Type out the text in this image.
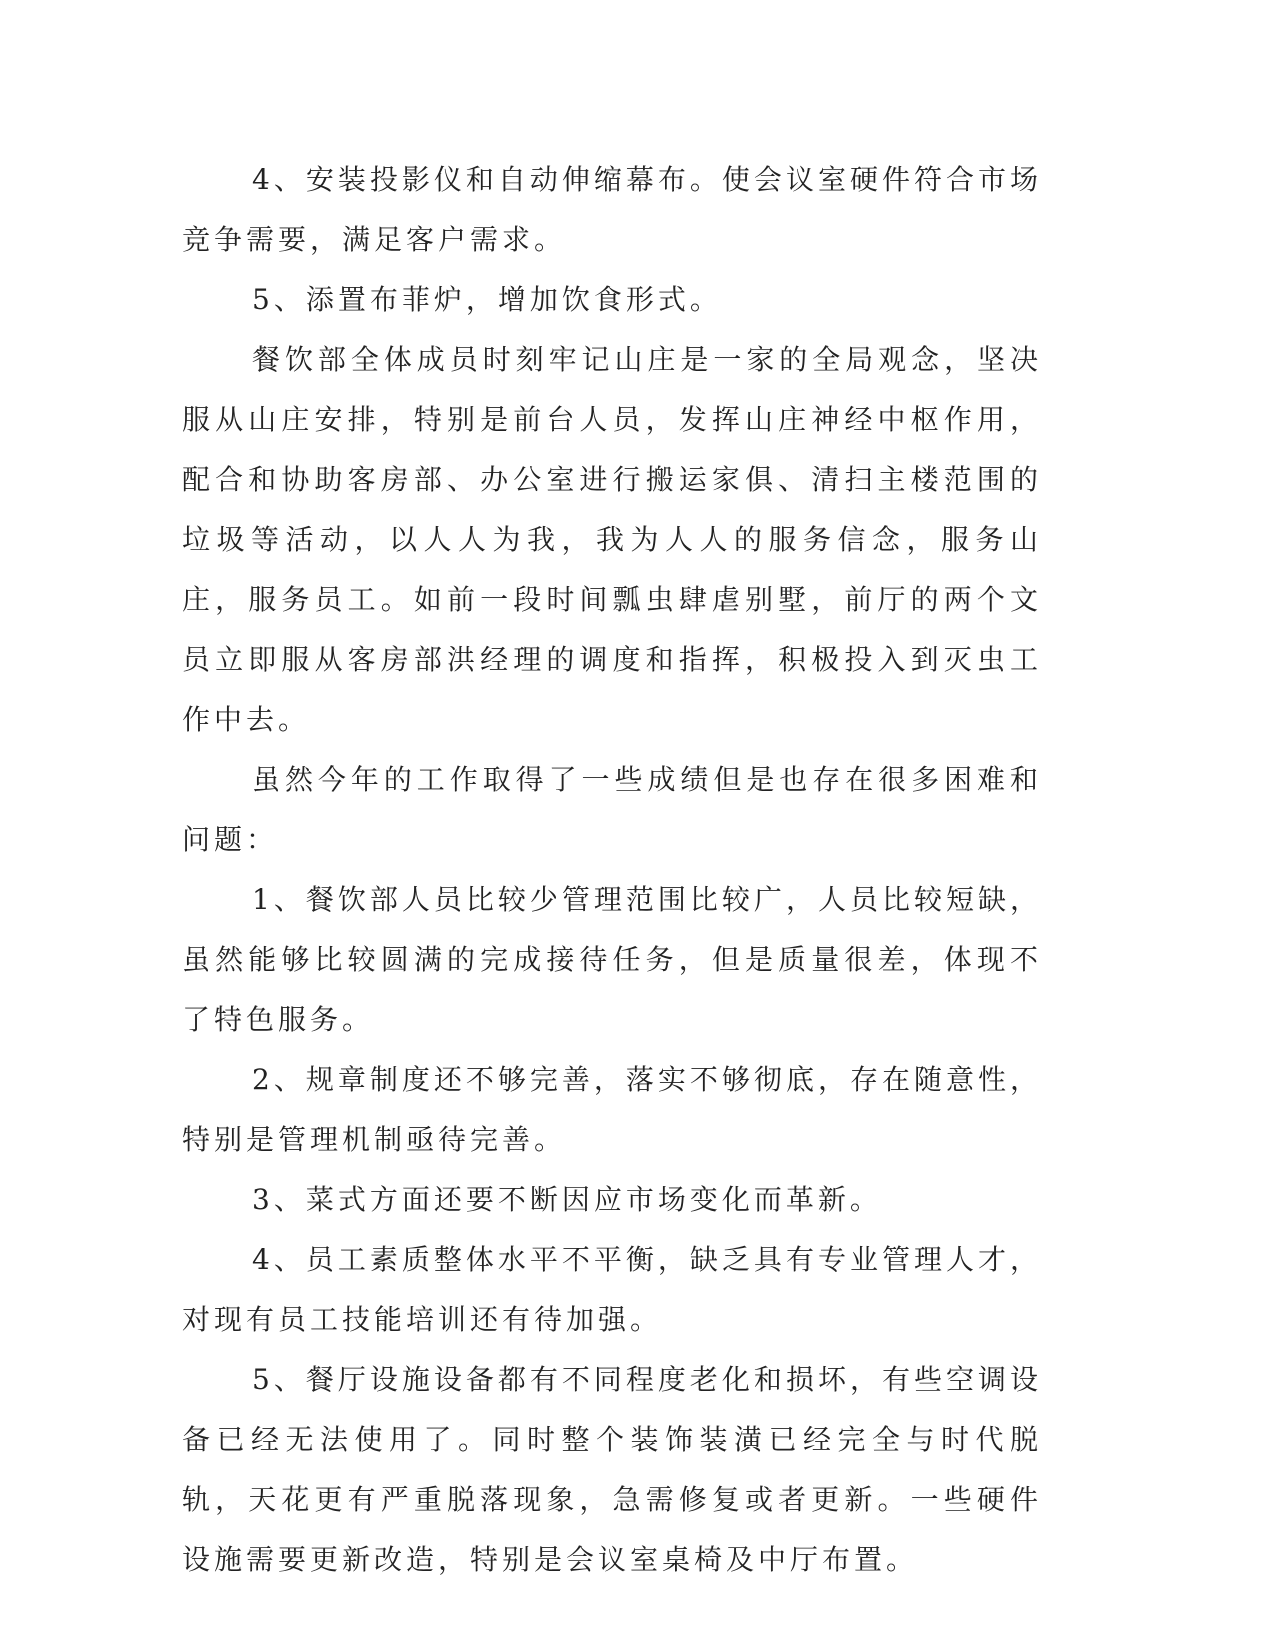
4、安装投影仪和自动伸缩幕布。使会议室硬件符合市场竞争需要，满足客户需求。

5、添置布菲炉，增加饮食形式。

餐饮部全体成员时刻牢记山庄是一家的全局观念，坚决服从山庄安排，特别是前台人员，发挥山庄神经中枢作用，配合和协助客房部、办公室进行搬运家俱、清扫主楼范围的垃圾等活动，以人人为我，我为人人的服务信念，服务山庄，服务员工。如前一段时间瓢虫肆虐别墅，前厅的两个文员立即服从客房部洪经理的调度和指挥，积极投入到灭虫工作中去。

虽然今年的工作取得了一些成绩但是也存在很多困难和问题：

1、餐饮部人员比较少管理范围比较广，人员比较短缺，虽然能够比较圆满的完成接待任务，但是质量很差，体现不了特色服务。

2、规章制度还不够完善，落实不够彻底，存在随意性，特别是管理机制亟待完善。

3、菜式方面还要不断因应市场变化而革新。

4、员工素质整体水平不平衡，缺乏具有专业管理人才，对现有员工技能培训还有待加强。

5、餐厅设施设备都有不同程度老化和损坏，有些空调设备已经无法使用了。同时整个装饰装潢已经完全与时代脱轨，天花更有严重脱落现象，急需修复或者更新。一些硬件设施需要更新改造，特别是会议室桌椅及中厅布置。
